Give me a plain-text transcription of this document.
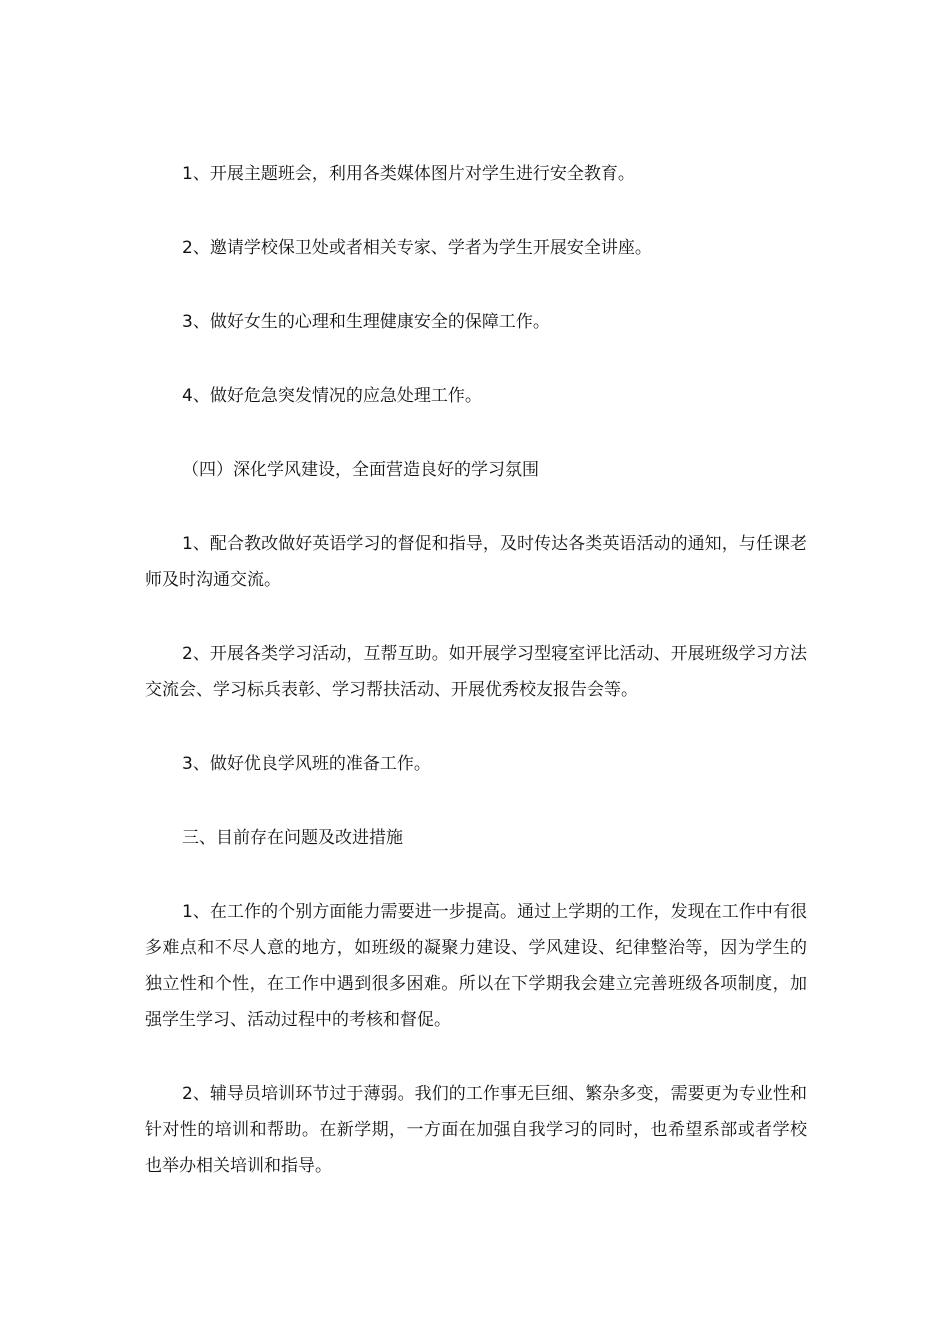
1、开展主题班会，利用各类媒体图片对学生进行安全教育。

2、邀请学校保卫处或者相关专家、学者为学生开展安全讲座。

3、做好女生的心理和生理健康安全的保障工作。

4、做好危急突发情况的应急处理工作。

（四）深化学风建设，全面营造良好的学习氛围

1、配合教改做好英语学习的督促和指导，及时传达各类英语活动的通知，与任课老师及时沟通交流。

2、开展各类学习活动，互帮互助。如开展学习型寝室评比活动、开展班级学习方法交流会、学习标兵表彰、学习帮扶活动、开展优秀校友报告会等。

3、做好优良学风班的准备工作。

三、目前存在问题及改进措施

1、在工作的个别方面能力需要进一步提高。通过上学期的工作，发现在工作中有很多难点和不尽人意的地方，如班级的凝聚力建设、学风建设、纪律整治等，因为学生的独立性和个性，在工作中遇到很多困难。所以在下学期我会建立完善班级各项制度，加强学生学习、活动过程中的考核和督促。

2、辅导员培训环节过于薄弱。我们的工作事无巨细、繁杂多变，需要更为专业性和针对性的培训和帮助。在新学期，一方面在加强自我学习的同时，也希望系部或者学校也举办相关培训和指导。
